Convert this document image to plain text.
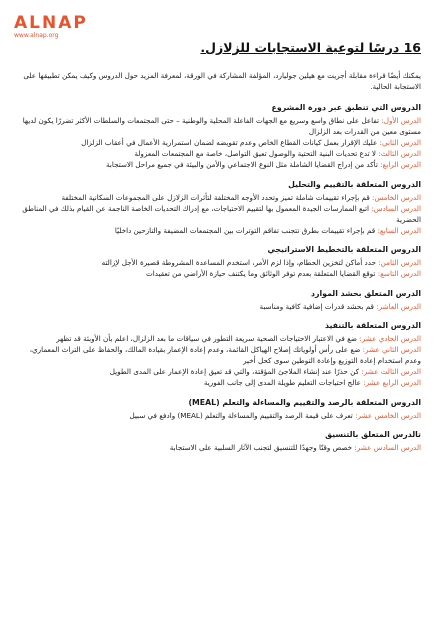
ALNAP
www.alnap.org
16 درسًا لتوعية الاستجابات للزلازل.

يمكنك أيضًا قراءة مقابلة أجريت مع هيلين جوليارد، المؤلفة المشاركة في الورقة، لمعرفة المزيد حول الدروس وكيف يمكن تطبيقها على الاستجابة الحالية.

الدروس التي تنطبق عبر دورة المشروع

الدرس الأول: تفاعل على نطاق واسع وسريع مع الجهات الفاعلة المحلية والوطنية – حتى المجتمعات والسلطات الأكثر تضررًا يكون لديها مستوى معين من القدرات بعد الزلزال

الدرس الثاني: عليك الإقرار بعمل كيانات القطاع الخاص وعدم تقويضه لضمان استمرارية الأعمال في أعقاب الزلزال

الدرس الثالث: لا تدع تحديات البنية التحتية والوصول تعيق التواصل، خاصة مع المجتمعات المعزولة

الدرس الرابع: تأكد من إدراج القضايا الشاملة مثل النوع الاجتماعي والأمن والبيئة في جميع مراحل الاستجابة

الدروس المتعلقة بالتقييم والتحليل

الدرس الخامس: قم بإجراء تقييمات شاملة تميز وتحدد الأوجه المختلفة لتأثرات الزلازل على المجموعات السكانية المختلفة

الدرس السادس: اتبع الممارسات الجيدة المعمول بها لتقييم الاحتياجات، مع إدراك التحديات الخاصة الناجمة عن القيام بذلك في المناطق الحضرية

الدرس السابع: قم بإجراء تقييمات بطرق تتجنب تفاقم التوترات بين المجتمعات المضيفة والنازحين داخليًا

الدروس المتعلقة بالتخطيط الاستراتيجي

الدرس الثامن: حدد أماكن لتخزين الحطام، وإذا لزم الأمر، استخدم المساعدة المشروطة قصيرة الأجل لإزالته

الدرس التاسع: توقع القضايا المتعلقة بعدم توفر الوثائق وما يكتنف حيازة الأراضي من تعقيدات

الدرس المتعلق بحشد الموارد

الدرس العاشر: قم بحشد قدرات إضافية كافية ومناسبة

الدروس المتعلقة بالتنفيذ

الدرس الحادي عشر: ضع في الاعتبار الاحتياجات الصحية سريعة التطور في سياقات ما بعد الزلزال، اعلم بأن الأوبئة قد تظهر

الدرس الثاني عشر: ضع على رأس أولوياتك إصلاح الهياكل القائمة، وعدم إعادة الإعمار بقيادة المالك، والحفاظ على التراث المعماري، وعدم استخدام إعادة التوزيع وإعادة التوطين سوى كحل أخير

الدرس الثالث عشر: كن حذرًا عند إنشاء الملاجئ المؤقتة، والتي قد تعيق إعادة الإعمار على المدى الطويل

الدرس الرابع عشر: عالج احتياجات التعليم طويلة المدى إلى جانب الفورية

الدروس المتعلقة بالرصد والتقييم والمساءلة والتعلم (MEAL)

الدرس الخامس عشر: تعرف على قيمة الرصد والتقييم والمساءلة والتعلم (MEAL) وادفع في سبيل

تالدرس المتعلق بالتنسيق

الدرس السادس عشر: خصص وقتًا وجهدًا للتنسيق لتجنب الآثار السلبية على الاستجابة
